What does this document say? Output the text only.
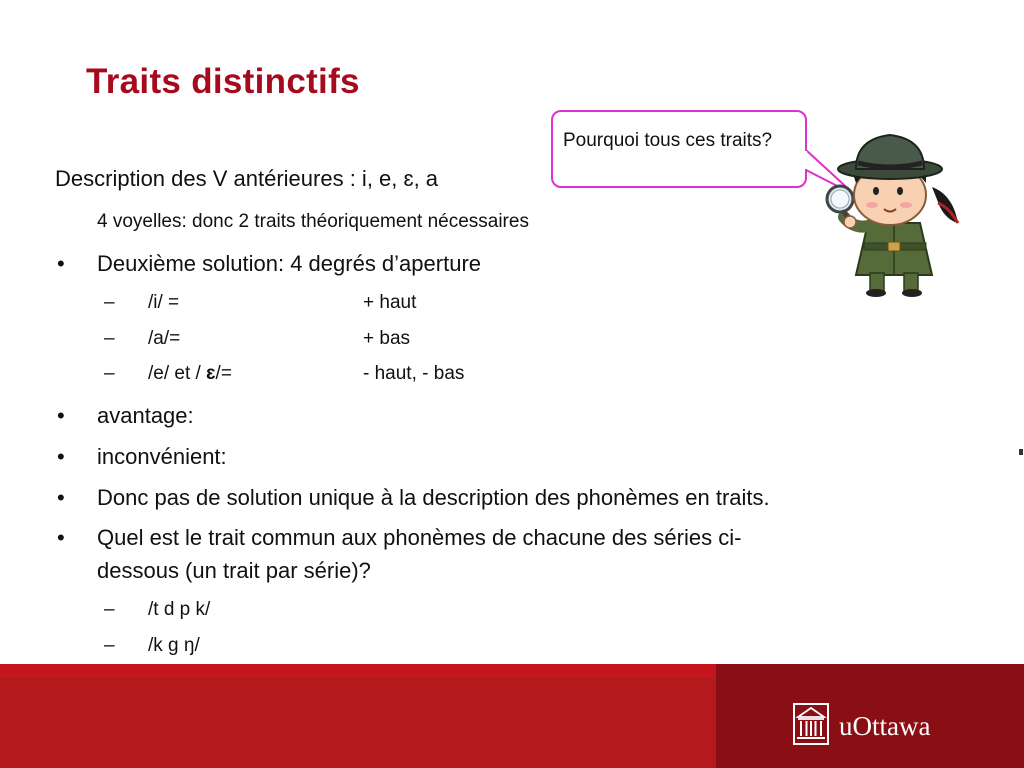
Traits distinctifs
Description des V antérieures : i, e, ɛ, a
4 voyelles: donc 2 traits théoriquement nécessaires
• Deuxième solution: 4 degrés d’aperture
– /i/ =	+ haut
– /a/=	+ bas
– /e/ et / ɛ/=	- haut, - bas
• avantage:
• inconvénient:
• Donc pas de solution unique à la description des phonèmes en traits.
• Quel est le trait commun aux phonèmes de chacune des séries ci-
dessous (un trait par série)?
– /t d p k/
– /k g ŋ/
Pourquoi tous ces traits?
uOttawa
